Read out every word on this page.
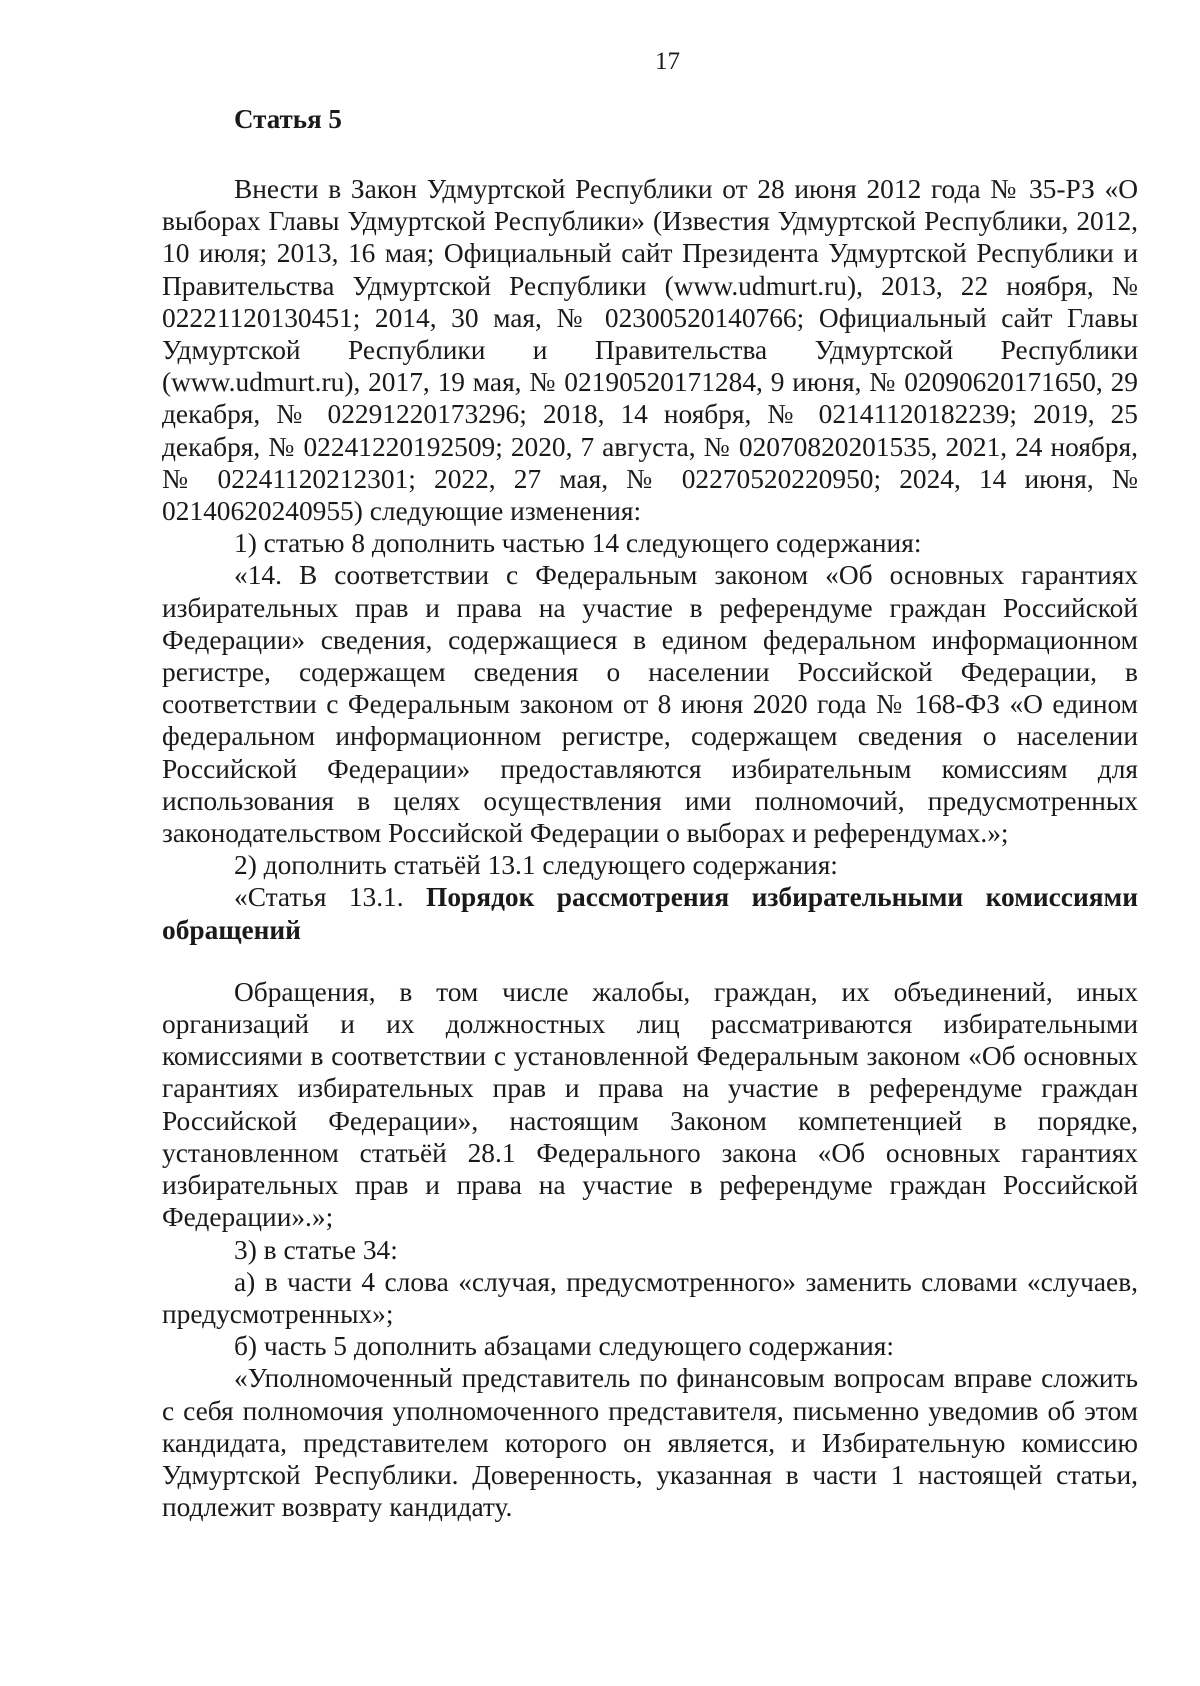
17
Статья 5

Внести в Закон Удмуртской Республики от 28 июня 2012 года № 35-РЗ «О выборах Главы Удмуртской Республики» (Известия Удмуртской Республики, 2012, 10 июля; 2013, 16 мая; Официальный сайт Президента Удмуртской Республики и Правительства Удмуртской Республики (www.udmurt.ru), 2013, 22 ноября, № 02221120130451; 2014, 30 мая, № 02300520140766; Официальный сайт Главы Удмуртской Республики и Правительства Удмуртской Республики (www.udmurt.ru), 2017, 19 мая, № 02190520171284, 9 июня, № 02090620171650, 29 декабря, № 02291220173296; 2018, 14 ноября, № 02141120182239; 2019, 25 декабря, № 02241220192509; 2020, 7 августа, № 02070820201535, 2021, 24 ноября, № 02241120212301; 2022, 27 мая, № 02270520220950; 2024, 14 июня, № 02140620240955) следующие изменения:

1) статью 8 дополнить частью 14 следующего содержания:

«14. В соответствии с Федеральным законом «Об основных гарантиях избирательных прав и права на участие в референдуме граждан Российской Федерации» сведения, содержащиеся в едином федеральном информационном регистре, содержащем сведения о населении Российской Федерации, в соответствии с Федеральным законом от 8 июня 2020 года № 168-ФЗ «О едином федеральном информационном регистре, содержащем сведения о населении Российской Федерации» предоставляются избирательным комиссиям для использования в целях осуществления ими полномочий, предусмотренных законодательством Российской Федерации о выборах и референдумах.»;

2) дополнить статьёй 13.1 следующего содержания:

«Статья 13.1. Порядок рассмотрения избирательными комиссиями обращений

Обращения, в том числе жалобы, граждан, их объединений, иных организаций и их должностных лиц рассматриваются избирательными комиссиями в соответствии с установленной Федеральным законом «Об основных гарантиях избирательных прав и права на участие в референдуме граждан Российской Федерации», настоящим Законом компетенцией в порядке, установленном статьёй 28.1 Федерального закона «Об основных гарантиях избирательных прав и права на участие в референдуме граждан Российской Федерации».»;

3) в статье 34:

а) в части 4 слова «случая, предусмотренного» заменить словами «случаев, предусмотренных»;

б) часть 5 дополнить абзацами следующего содержания:

«Уполномоченный представитель по финансовым вопросам вправе сложить с себя полномочия уполномоченного представителя, письменно уведомив об этом кандидата, представителем которого он является, и Избирательную комиссию Удмуртской Республики. Доверенность, указанная в части 1 настоящей статьи, подлежит возврату кандидату.
